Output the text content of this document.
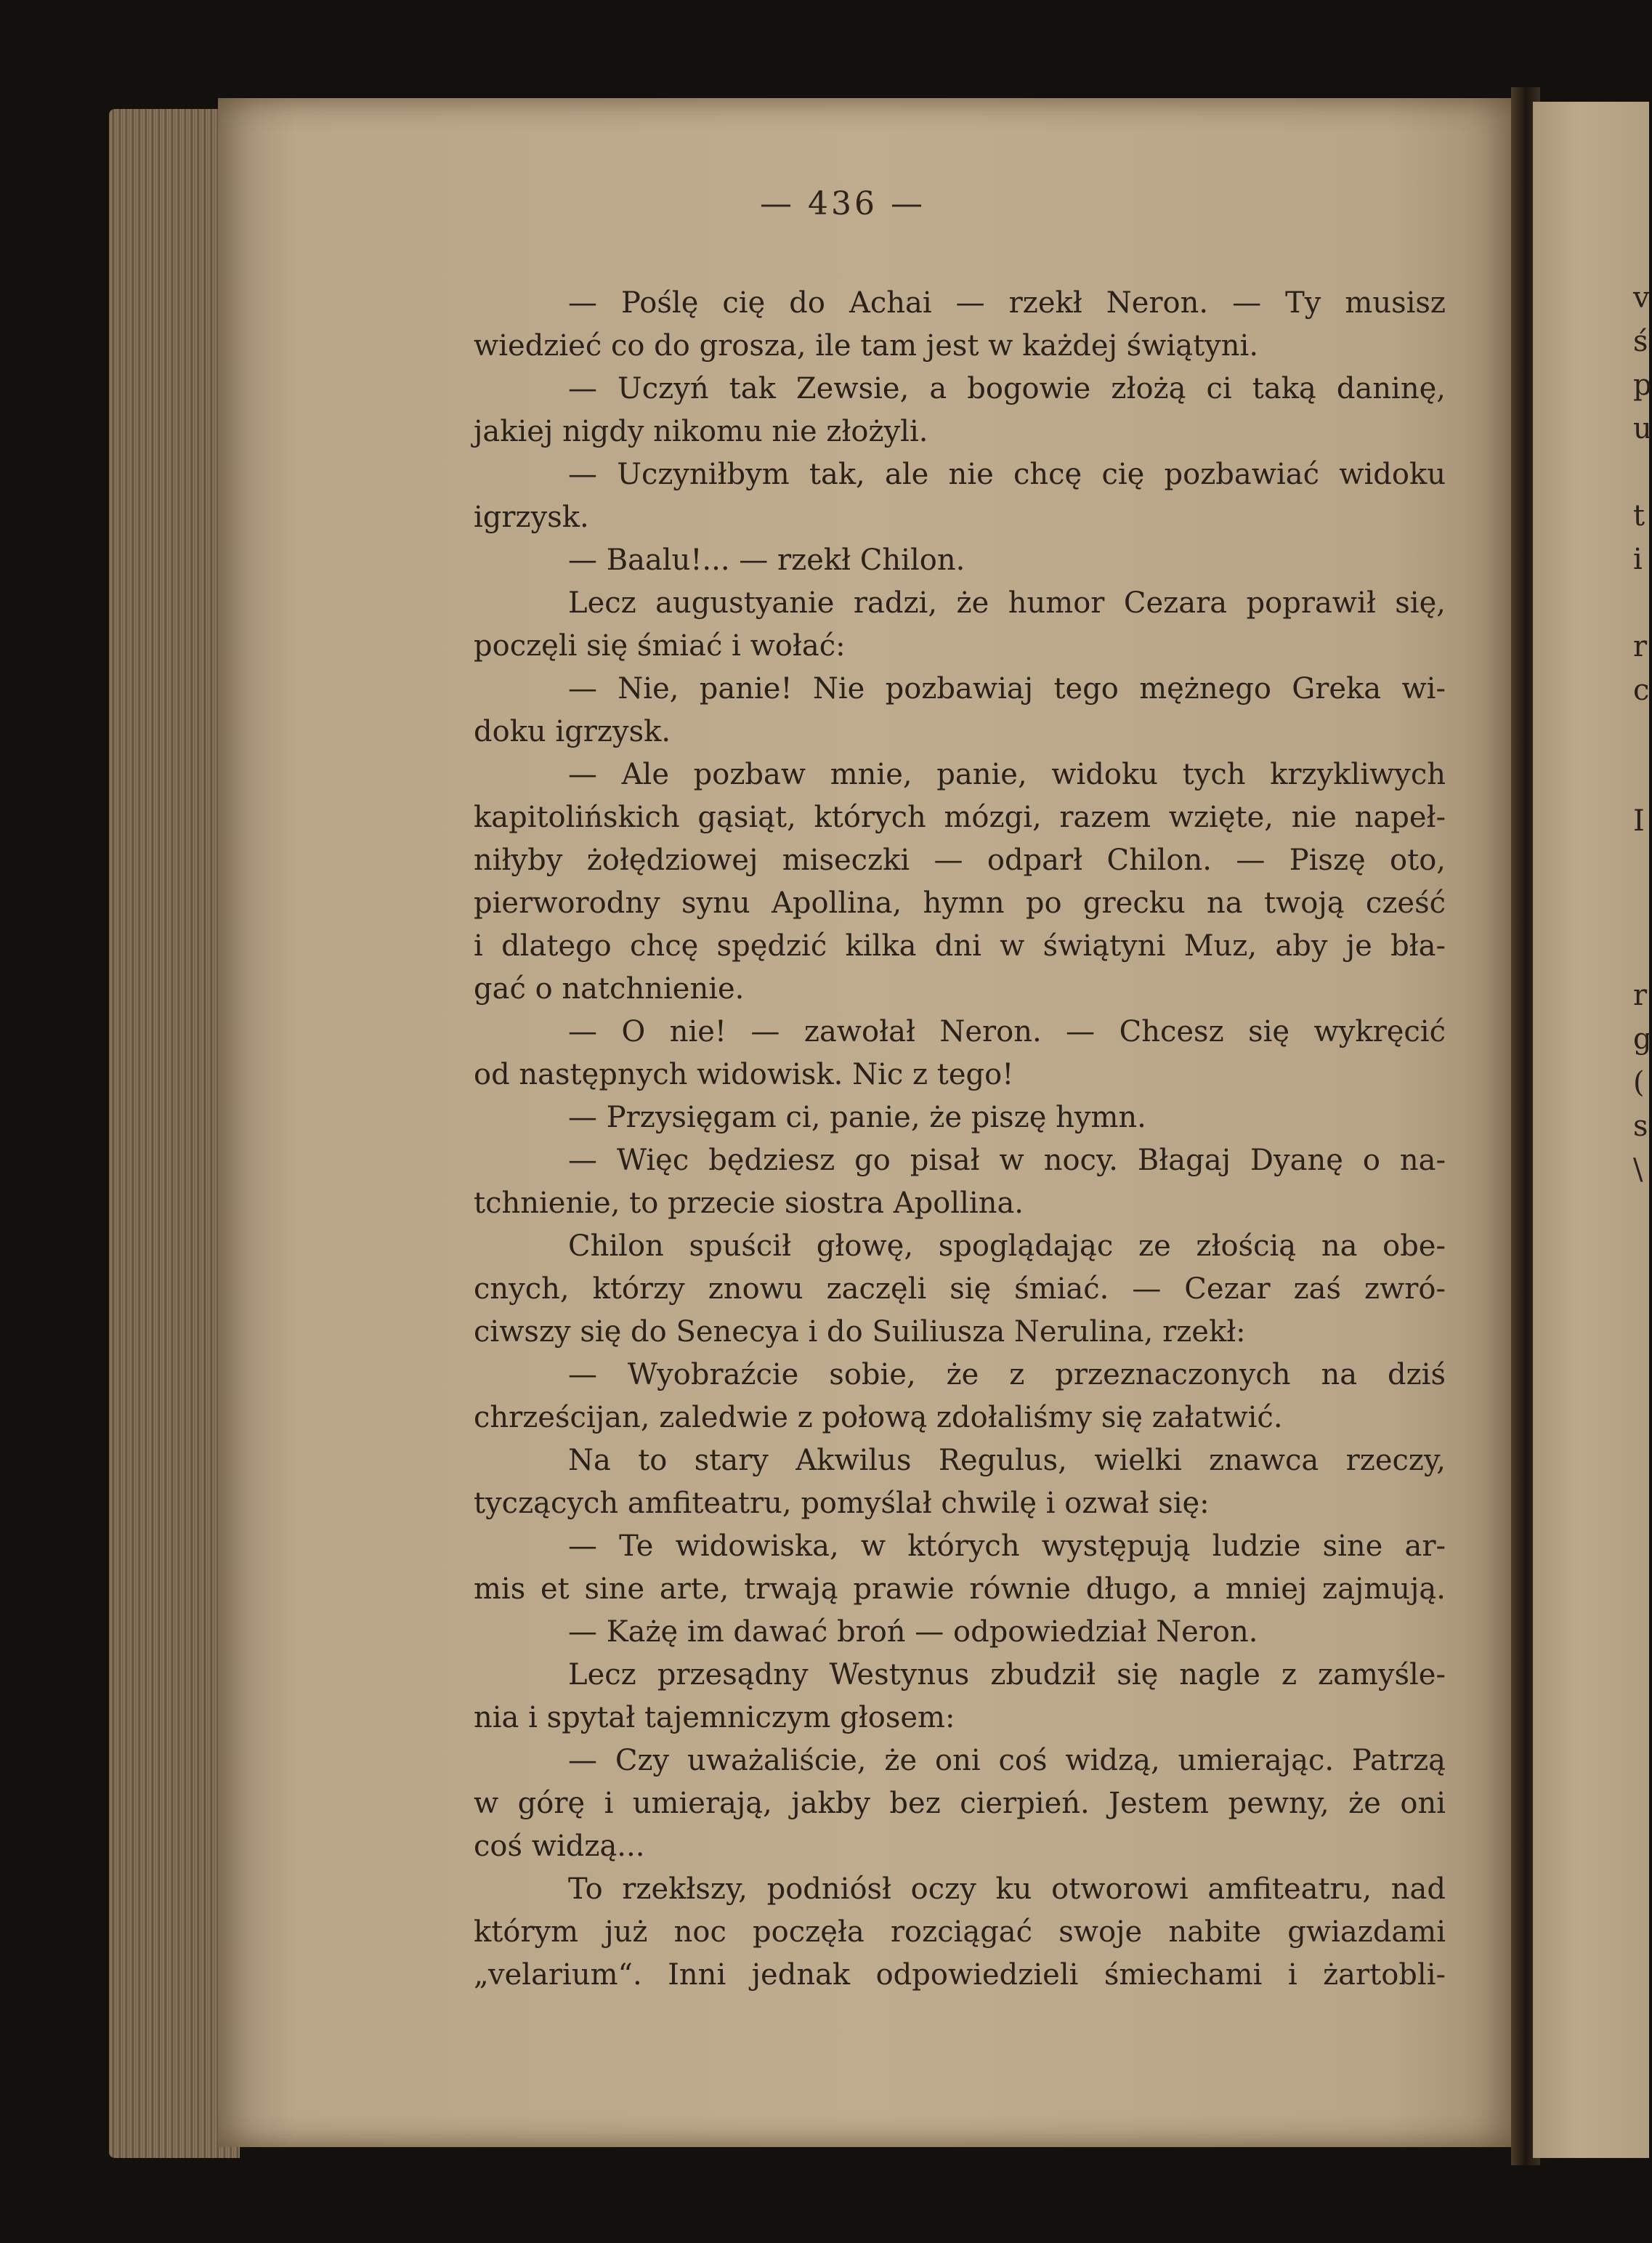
v
ś
p
u
t
i
r
c
I
r
g
(
s
\
— 436 —
— Poślę cię do Achai — rzekł Neron. — Ty musisz
wiedzieć co do grosza, ile tam jest w każdej świątyni.
— Uczyń tak Zewsie, a bogowie złożą ci taką daninę,
jakiej nigdy nikomu nie złożyli.
— Uczyniłbym tak, ale nie chcę cię pozbawiać widoku
igrzysk.
— Baalu!... — rzekł Chilon.
Lecz augustyanie radzi, że humor Cezara poprawił się,
poczęli się śmiać i wołać:
— Nie, panie! Nie pozbawiaj tego mężnego Greka wi-
doku igrzysk.
— Ale pozbaw mnie, panie, widoku tych krzykliwych
kapitolińskich gąsiąt, których mózgi, razem wzięte, nie napeł-
niłyby żołędziowej miseczki — odparł Chilon. — Piszę oto,
pierworodny synu Apollina, hymn po grecku na twoją cześć
i dlatego chcę spędzić kilka dni w świątyni Muz, aby je bła-
gać o natchnienie.
— O nie! — zawołał Neron. — Chcesz się wykręcić
od następnych widowisk. Nic z tego!
— Przysięgam ci, panie, że piszę hymn.
— Więc będziesz go pisał w nocy. Błagaj Dyanę o na-
tchnienie, to przecie siostra Apollina.
Chilon spuścił głowę, spoglądając ze złością na obe-
cnych, którzy znowu zaczęli się śmiać. — Cezar zaś zwró-
ciwszy się do Senecya i do Suiliusza Nerulina, rzekł:
— Wyobraźcie sobie, że z przeznaczonych na dziś
chrześcijan, zaledwie z połową zdołaliśmy się załatwić.
Na to stary Akwilus Regulus, wielki znawca rzeczy,
tyczących amfiteatru, pomyślał chwilę i ozwał się:
— Te widowiska, w których występują ludzie sine ar-
mis et sine arte, trwają prawie równie długo, a mniej zajmują.
— Każę im dawać broń — odpowiedział Neron.
Lecz przesądny Westynus zbudził się nagle z zamyśle-
nia i spytał tajemniczym głosem:
— Czy uważaliście, że oni coś widzą, umierając. Patrzą
w górę i umierają, jakby bez cierpień. Jestem pewny, że oni
coś widzą...
To rzekłszy, podniósł oczy ku otworowi amfiteatru, nad
którym już noc poczęła rozciągać swoje nabite gwiazdami
„velarium“. Inni jednak odpowiedzieli śmiechami i żartobli-
